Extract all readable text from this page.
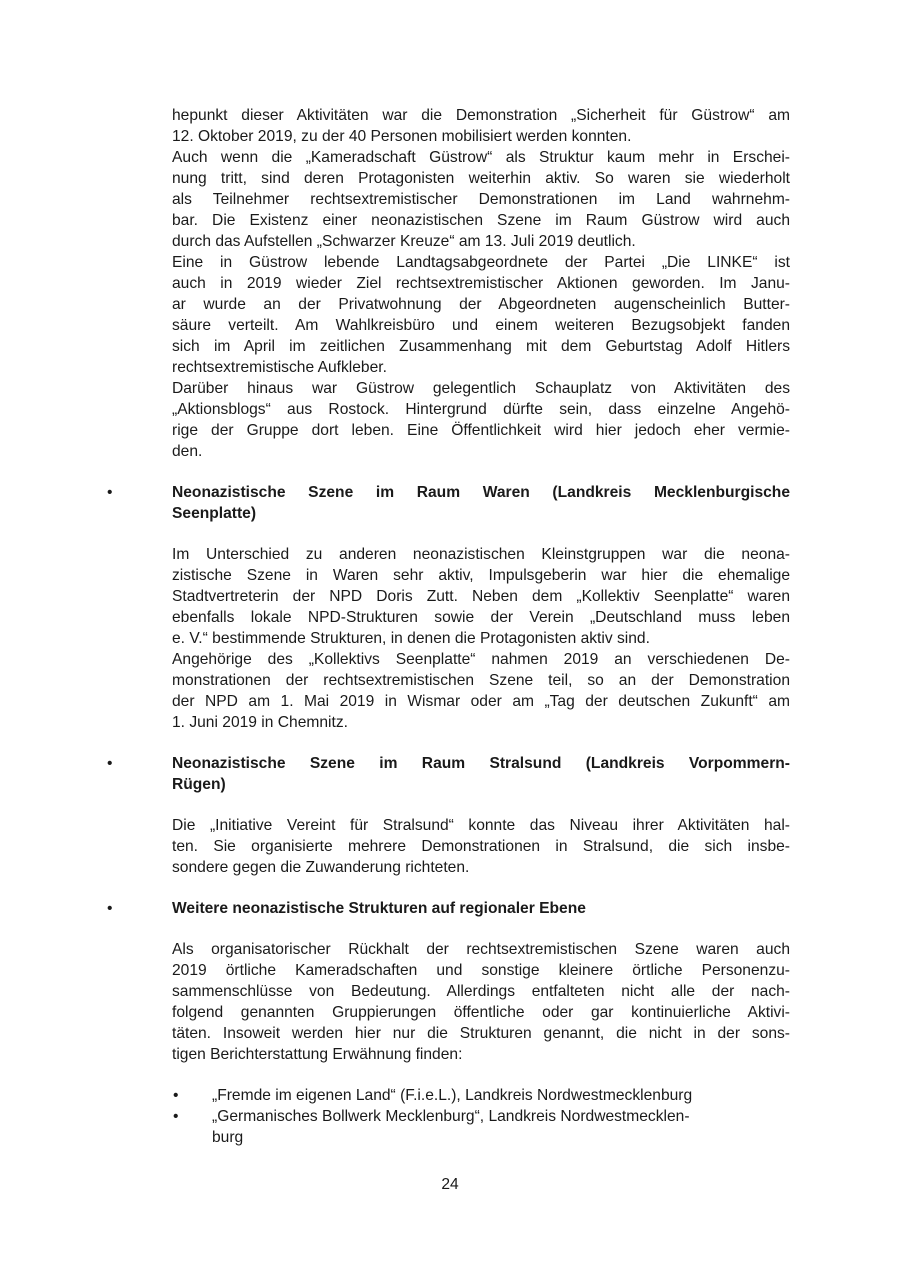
hepunkt dieser Aktivitäten war die Demonstration „Sicherheit für Güstrow“ am
12. Oktober 2019, zu der 40 Personen mobilisiert werden konnten.
Auch wenn die „Kameradschaft Güstrow“ als Struktur kaum mehr in Erschei-
nung tritt, sind deren Protagonisten weiterhin aktiv. So waren sie wiederholt
als Teilnehmer rechtsextremistischer Demonstrationen im Land wahrnehm-
bar. Die Existenz einer neonazistischen Szene im Raum Güstrow wird auch
durch das Aufstellen „Schwarzer Kreuze“ am 13. Juli 2019 deutlich.
Eine in Güstrow lebende Landtagsabgeordnete der Partei „Die LINKE“ ist
auch in 2019 wieder Ziel rechtsextremistischer Aktionen geworden. Im Janu-
ar wurde an der Privatwohnung der Abgeordneten augenscheinlich Butter-
säure verteilt. Am Wahlkreisbüro und einem weiteren Bezugsobjekt fanden
sich im April im zeitlichen Zusammenhang mit dem Geburtstag Adolf Hitlers
rechtsextremistische Aufkleber.
Darüber hinaus war Güstrow gelegentlich Schauplatz von Aktivitäten des
„Aktionsblogs“ aus Rostock. Hintergrund dürfte sein, dass einzelne Angehö-
rige der Gruppe dort leben. Eine Öffentlichkeit wird hier jedoch eher vermie-
den.
•	Neonazistische Szene im Raum Waren (Landkreis Mecklenburgische
Seenplatte)
Im Unterschied zu anderen neonazistischen Kleinstgruppen war die neona-
zistische Szene in Waren sehr aktiv, Impulsgeberin war hier die ehemalige
Stadtvertreterin der NPD Doris Zutt. Neben dem „Kollektiv Seenplatte“ waren
ebenfalls lokale NPD-Strukturen sowie der Verein „Deutschland muss leben
e. V.“ bestimmende Strukturen, in denen die Protagonisten aktiv sind.
Angehörige des „Kollektivs Seenplatte“ nahmen 2019 an verschiedenen De-
monstrationen der rechtsextremistischen Szene teil, so an der Demonstration
der NPD am 1. Mai 2019 in Wismar oder am „Tag der deutschen Zukunft“ am
1. Juni 2019 in Chemnitz.
•	Neonazistische Szene im Raum Stralsund (Landkreis Vorpommern-
Rügen)
Die „Initiative Vereint für Stralsund“ konnte das Niveau ihrer Aktivitäten hal-
ten. Sie organisierte mehrere Demonstrationen in Stralsund, die sich insbe-
sondere gegen die Zuwanderung richteten.
•	Weitere neonazistische Strukturen auf regionaler Ebene
Als organisatorischer Rückhalt der rechtsextremistischen Szene waren auch
2019 örtliche Kameradschaften und sonstige kleinere örtliche Personenzu-
sammenschlüsse von Bedeutung. Allerdings entfalteten nicht alle der nach-
folgend genannten Gruppierungen öffentliche oder gar kontinuierliche Aktivi-
täten. Insoweit werden hier nur die Strukturen genannt, die nicht in der sons-
tigen Berichterstattung Erwähnung finden:
• „Fremde im eigenen Land“ (F.i.e.L.), Landkreis Nordwestmecklenburg
• „Germanisches Bollwerk Mecklenburg“, Landkreis Nordwestmecklen-
burg
24
